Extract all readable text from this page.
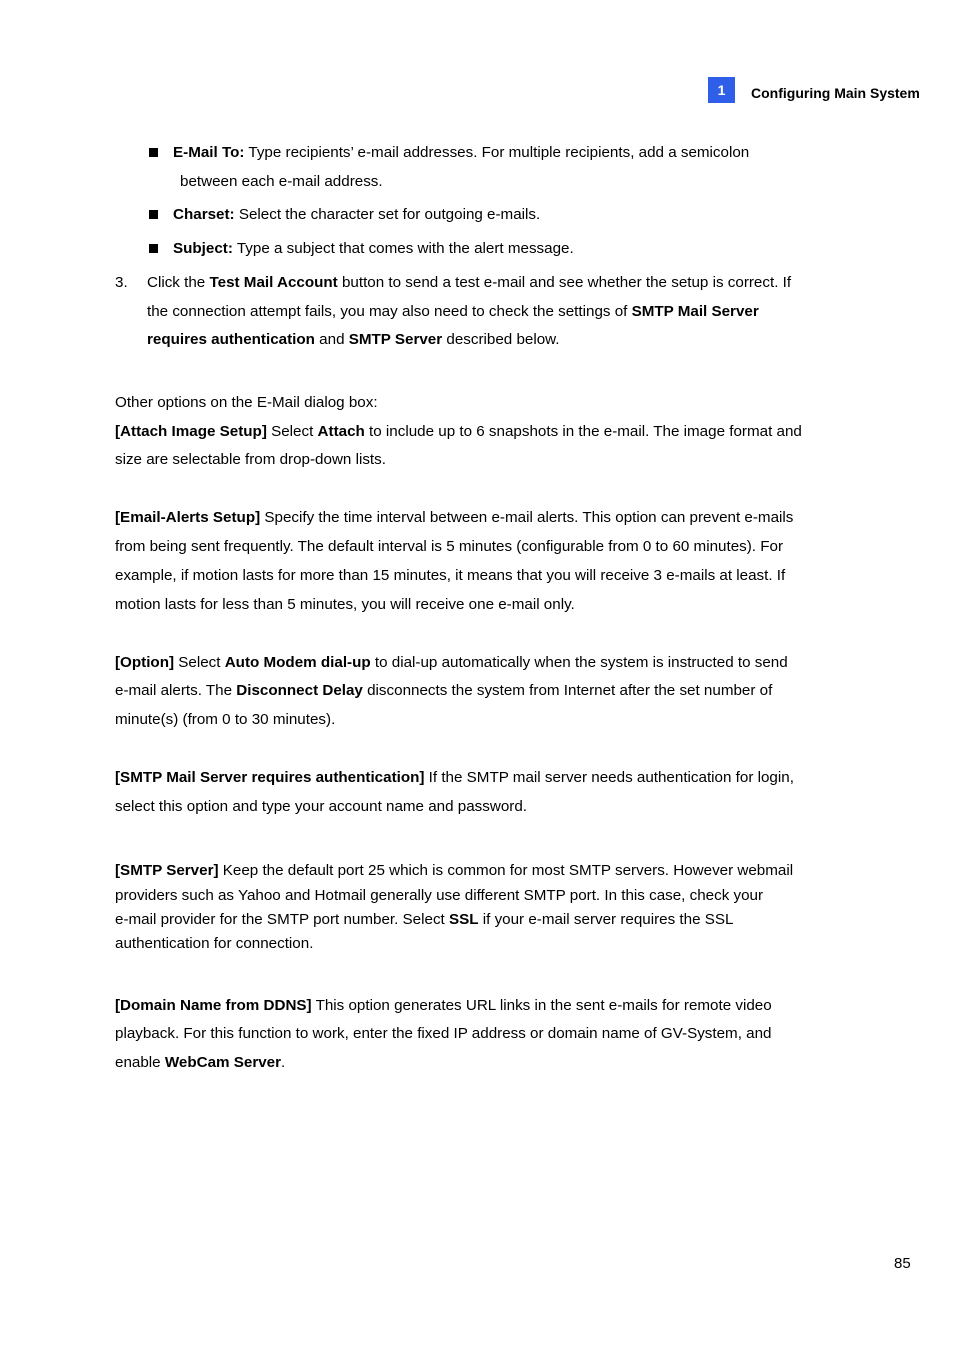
1	Configuring Main System
E-Mail To: Type recipients’ e-mail addresses. For multiple recipients, add a semicolon
between each e-mail address.
Charset: Select the character set for outgoing e-mails.
Subject: Type a subject that comes with the alert message.
3. Click the Test Mail Account button to send a test e-mail and see whether the setup is correct. If
the connection attempt fails, you may also need to check the settings of SMTP Mail Server
requires authentication and SMTP Server described below.
Other options on the E-Mail dialog box:
[Attach Image Setup] Select Attach to include up to 6 snapshots in the e-mail. The image format and
size are selectable from drop-down lists.
[Email-Alerts Setup] Specify the time interval between e-mail alerts. This option can prevent e-mails
from being sent frequently. The default interval is 5 minutes (configurable from 0 to 60 minutes). For
example, if motion lasts for more than 15 minutes, it means that you will receive 3 e-mails at least. If
motion lasts for less than 5 minutes, you will receive one e-mail only.
[Option] Select Auto Modem dial-up to dial-up automatically when the system is instructed to send
e-mail alerts. The Disconnect Delay disconnects the system from Internet after the set number of
minute(s) (from 0 to 30 minutes).
[SMTP Mail Server requires authentication] If the SMTP mail server needs authentication for login,
select this option and type your account name and password.
[SMTP Server] Keep the default port 25 which is common for most SMTP servers. However webmail
providers such as Yahoo and Hotmail generally use different SMTP port. In this case, check your
e-mail provider for the SMTP port number. Select SSL if your e-mail server requires the SSL
authentication for connection.
[Domain Name from DDNS] This option generates URL links in the sent e-mails for remote video
playback. For this function to work, enter the fixed IP address or domain name of GV-System, and
enable WebCam Server.
85
